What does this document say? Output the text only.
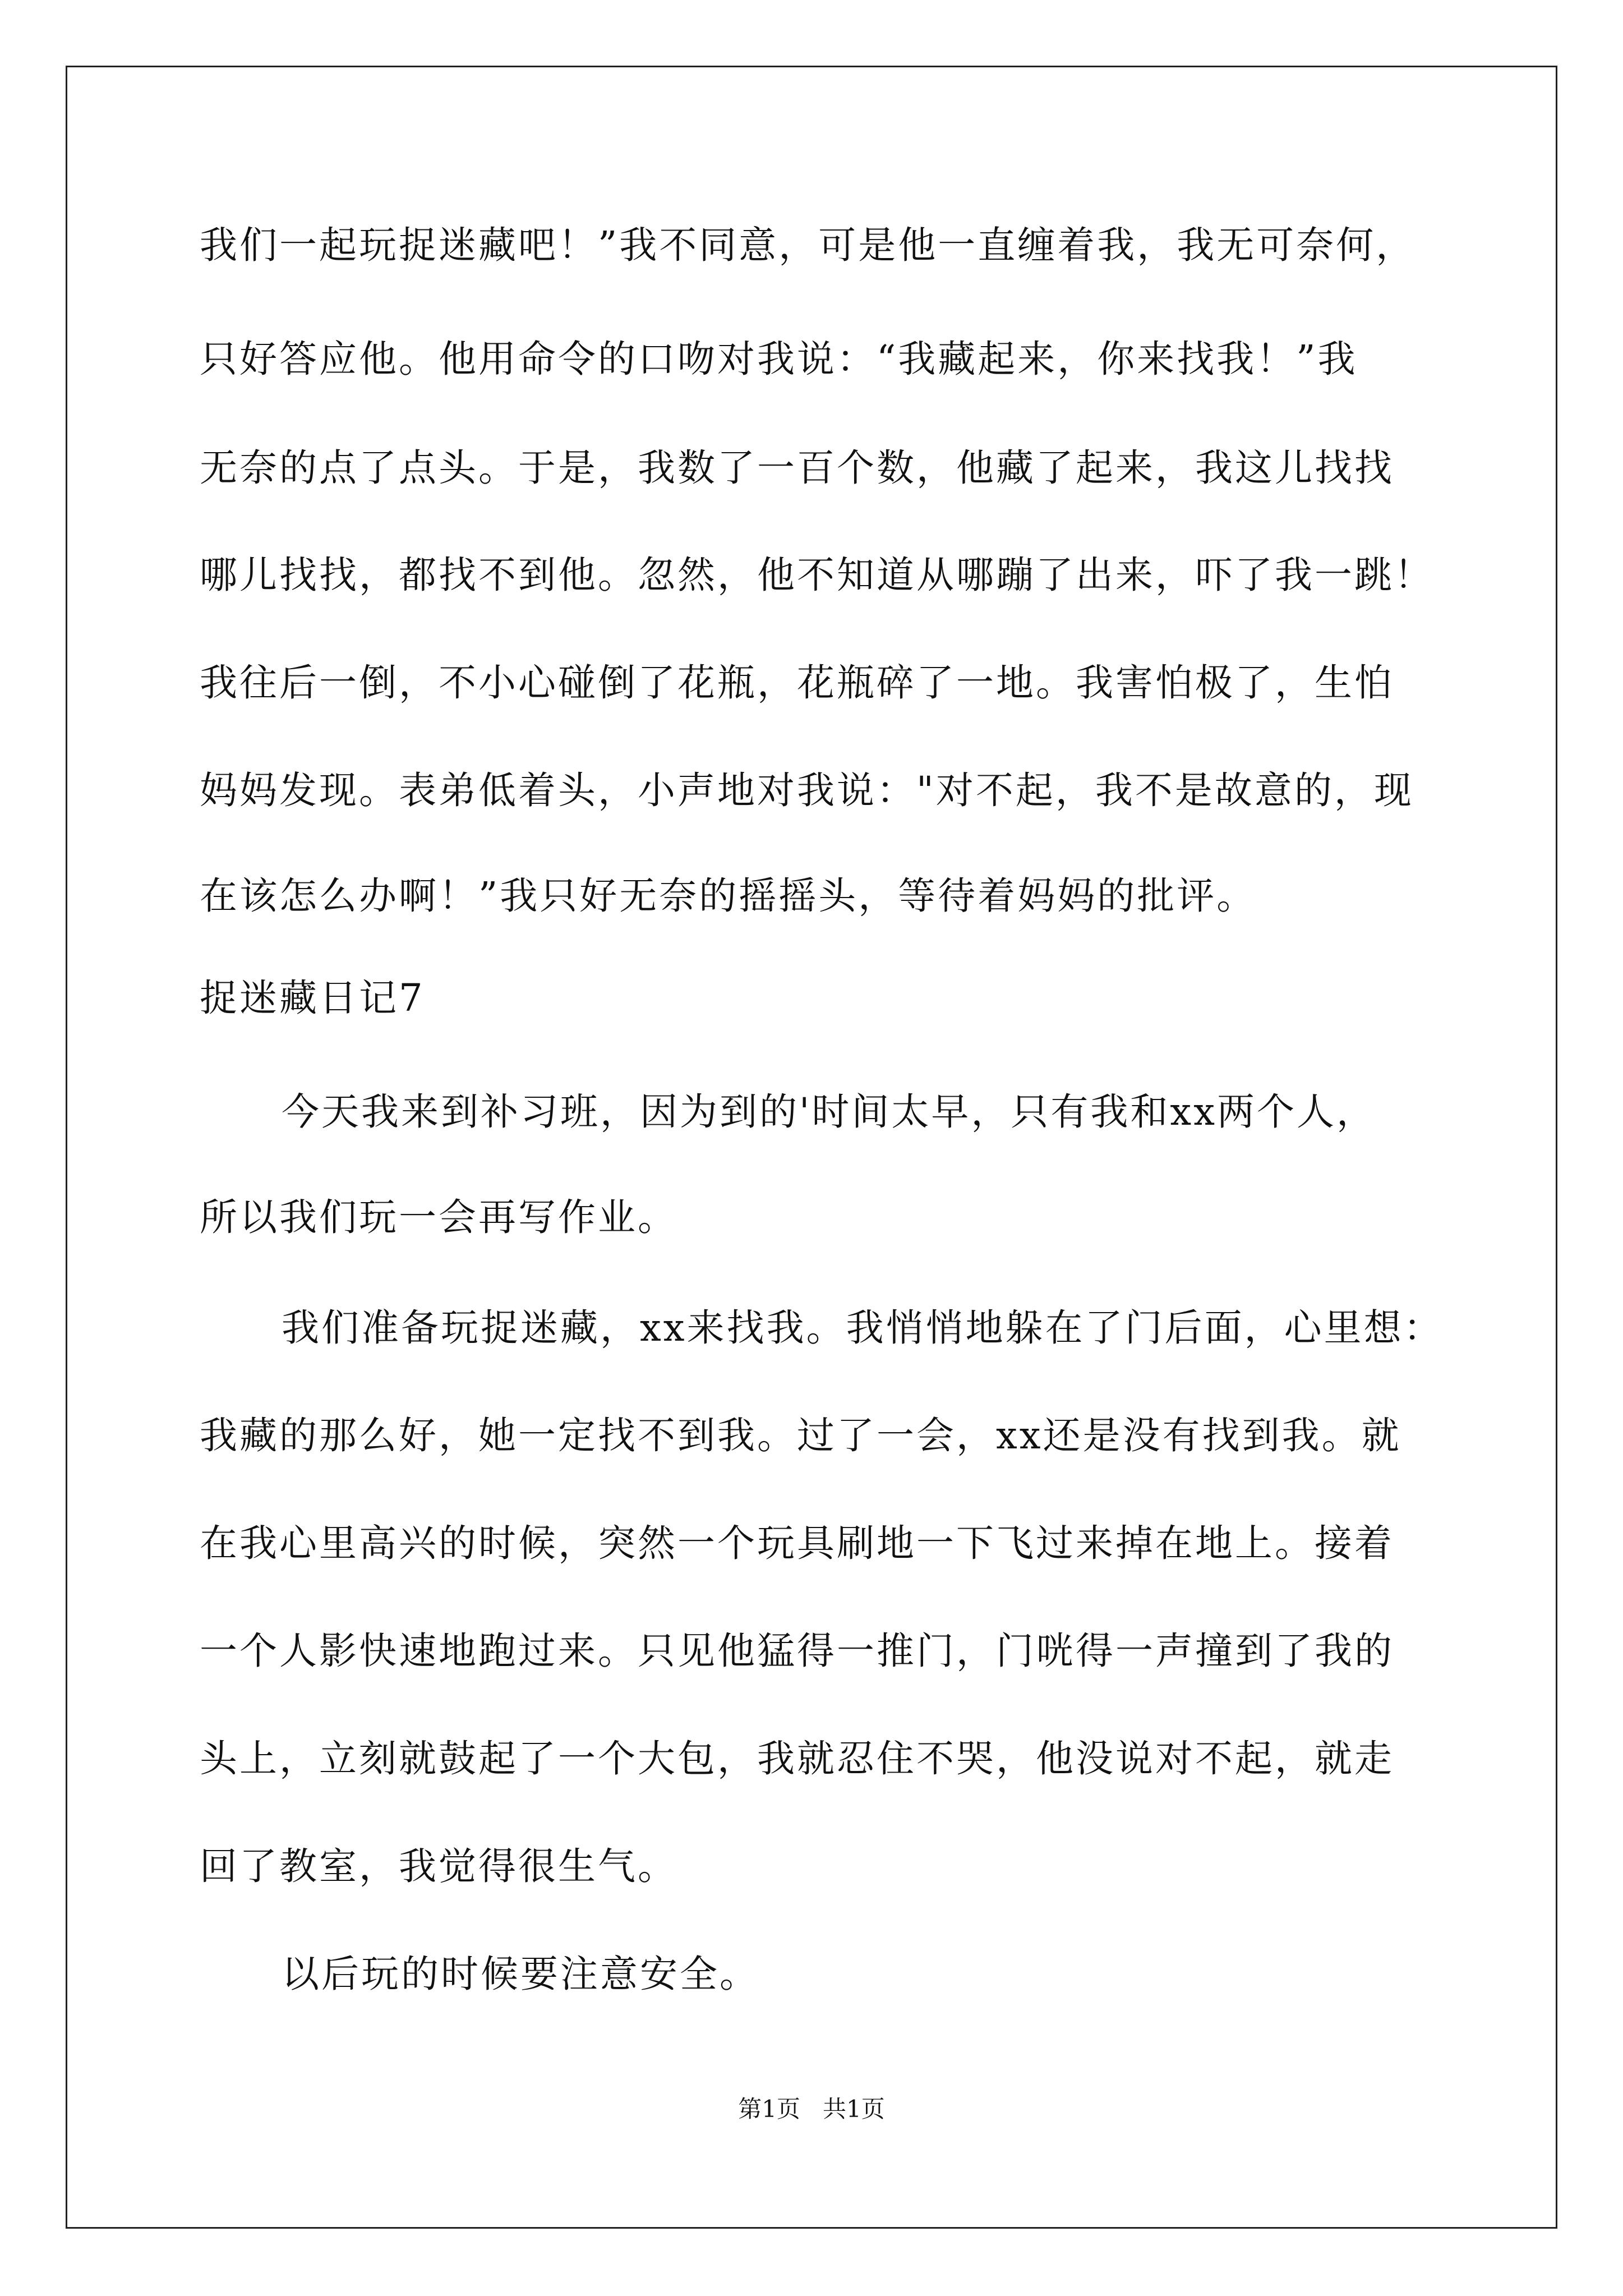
我们一起玩捉迷藏吧！”我不同意，可是他一直缠着我，我无可奈何，
只好答应他。他用命令的口吻对我说：“我藏起来，你来找我！”我
无奈的点了点头。于是，我数了一百个数，他藏了起来，我这儿找找
哪儿找找，都找不到他。忽然，他不知道从哪蹦了出来，吓了我一跳！
我往后一倒，不小心碰倒了花瓶，花瓶碎了一地。我害怕极了，生怕
妈妈发现。表弟低着头，小声地对我说："对不起，我不是故意的，现
在该怎么办啊！”我只好无奈的摇摇头，等待着妈妈的批评。
捉迷藏日记7
今天我来到补习班，因为到的'时间太早，只有我和xx两个人，
所以我们玩一会再写作业。
我们准备玩捉迷藏，xx来找我。我悄悄地躲在了门后面，心里想：
我藏的那么好，她一定找不到我。过了一会，xx还是没有找到我。就
在我心里高兴的时候，突然一个玩具刷地一下飞过来掉在地上。接着
一个人影快速地跑过来。只见他猛得一推门，门咣得一声撞到了我的
头上，立刻就鼓起了一个大包，我就忍住不哭，他没说对不起，就走
回了教室，我觉得很生气。
以后玩的时候要注意安全。
第1页   共1页
